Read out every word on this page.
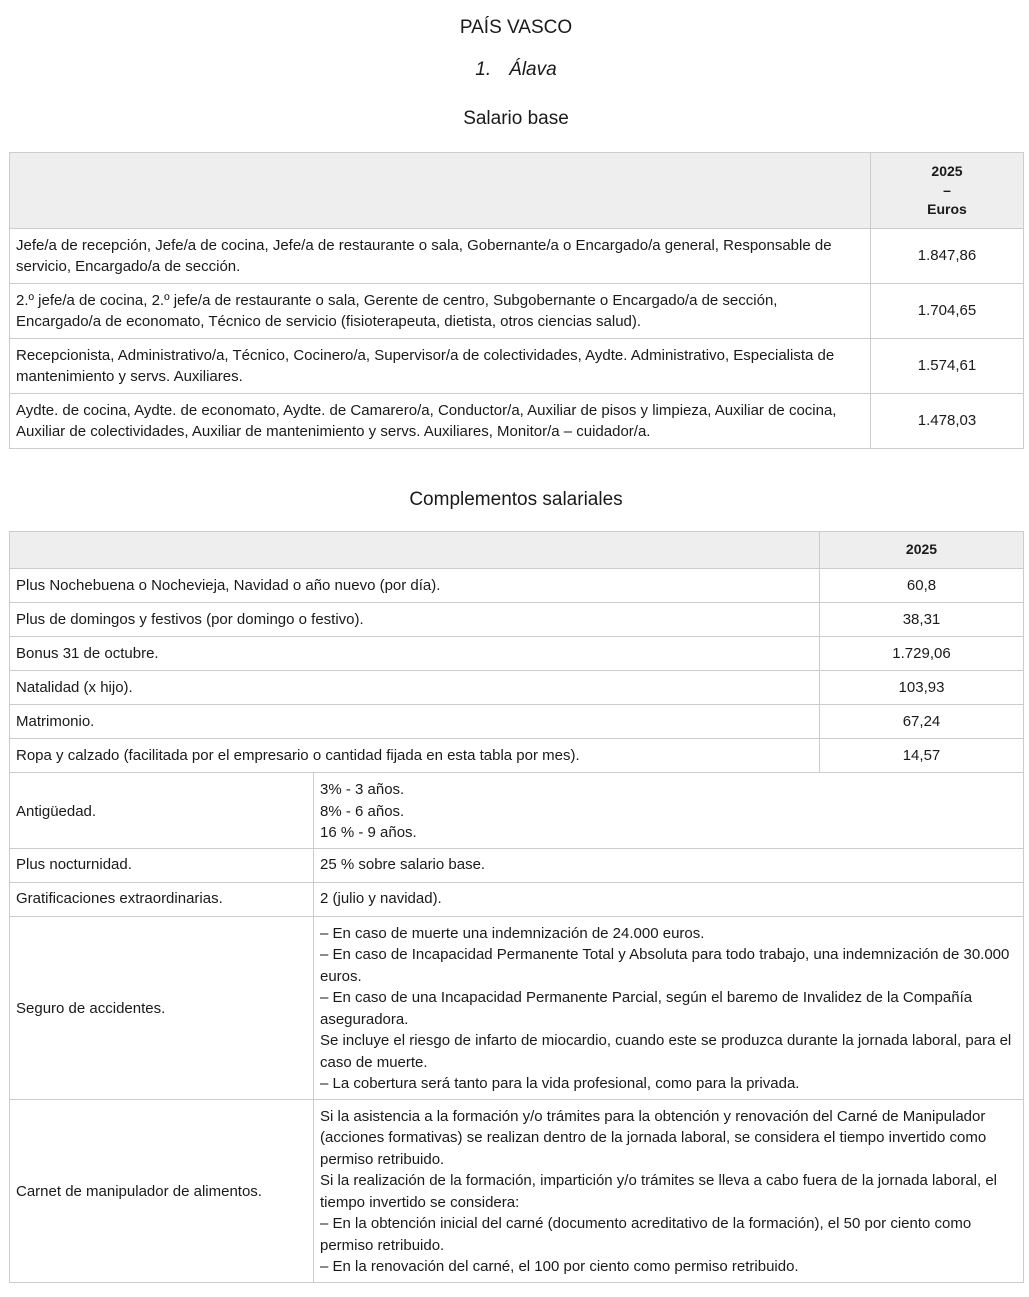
PAÍS VASCO
1. Álava
Salario base

	2025
–
Euros

Jefe/a de recepción, Jefe/a de cocina, Jefe/a de restaurante o sala, Gobernante/a o Encargado/a general, Responsable de servicio, Encargado/a de sección.	1.847,86
2.º jefe/a de cocina, 2.º jefe/a de restaurante o sala, Gerente de centro, Subgobernante o Encargado/a de sección, Encargado/a de economato, Técnico de servicio (fisioterapeuta, dietista, otros ciencias salud).	1.704,65
Recepcionista, Administrativo/a, Técnico, Cocinero/a, Supervisor/a de colectividades, Aydte. Administrativo, Especialista de mantenimiento y servs. Auxiliares.	1.574,61
Aydte. de cocina, Aydte. de economato, Aydte. de Camarero/a, Conductor/a, Auxiliar de pisos y limpieza, Auxiliar de cocina, Auxiliar de colectividades, Auxiliar de mantenimiento y servs. Auxiliares, Monitor/a – cuidador/a.	1.478,03
Complementos salariales
	2025
Plus Nochebuena o Nochevieja, Navidad o año nuevo (por día).	60,8
Plus de domingos y festivos (por domingo o festivo).	38,31
Bonus 31 de octubre.	1.729,06
Natalidad (x hijo).	103,93
Matrimonio.	67,24
Ropa y calzado (facilitada por el empresario o cantidad fijada en esta tabla por mes).	14,57
Antigüedad.	3% - 3 años.
8% - 6 años.
16 % - 9 años.

Plus nocturnidad.	25 % sobre salario base.

Gratificaciones extraordinarias.	2 (julio y navidad).

Seguro de accidentes.	– En caso de muerte una indemnización de 24.000 euros.
– En caso de Incapacidad Permanente Total y Absoluta para todo trabajo, una indemnización de 30.000 euros.
– En caso de una Incapacidad Permanente Parcial, según el baremo de Invalidez de la Compañía aseguradora.
Se incluye el riesgo de infarto de miocardio, cuando este se produzca durante la jornada laboral, para el caso de muerte.
– La cobertura será tanto para la vida profesional, como para la privada.

Carnet de manipulador de alimentos.	Si la asistencia a la formación y/o trámites para la obtención y renovación del Carné de Manipulador (acciones formativas) se realizan dentro de la jornada laboral, se considera el tiempo invertido como permiso retribuido.
Si la realización de la formación, impartición y/o trámites se lleva a cabo fuera de la jornada laboral, el tiempo invertido se considera:
– En la obtención inicial del carné (documento acreditativo de la formación), el 50 por ciento como permiso retribuido.
– En la renovación del carné, el 100 por ciento como permiso retribuido.
